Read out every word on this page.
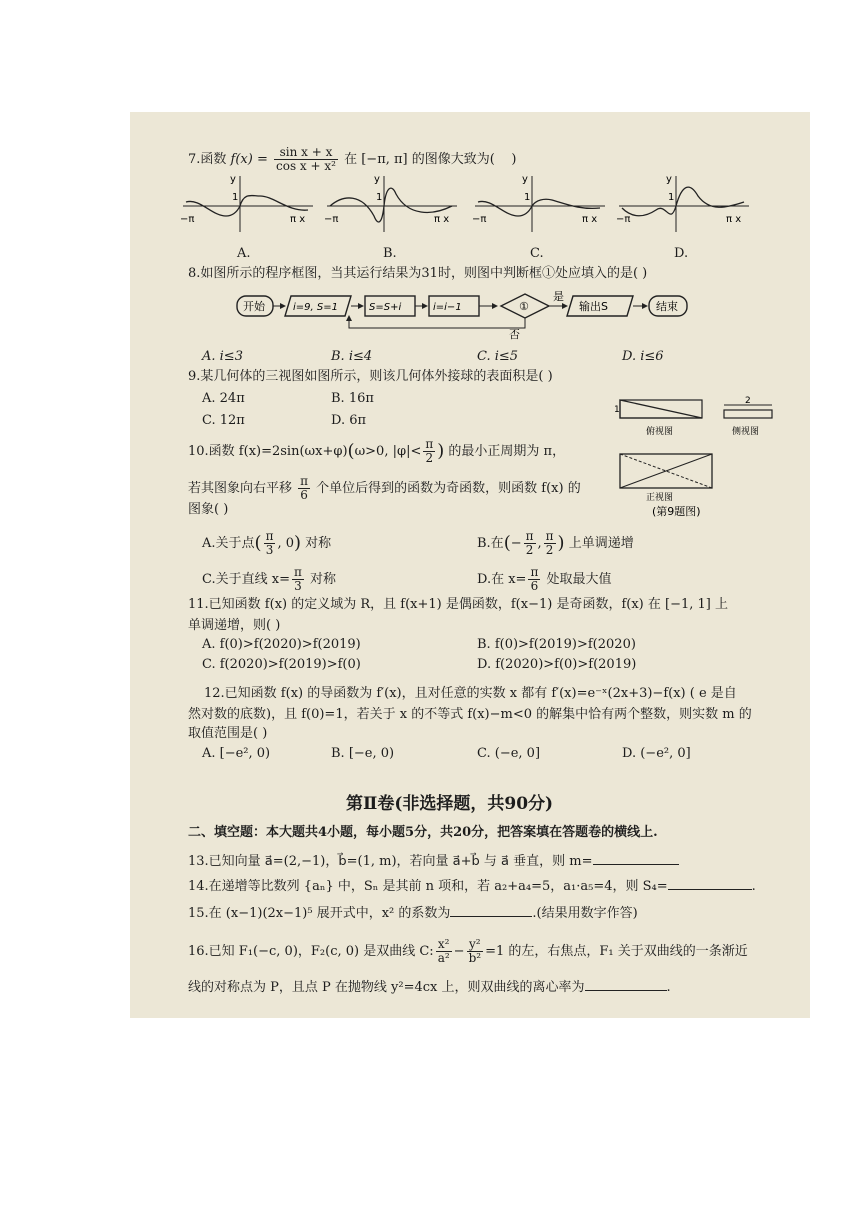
7.函数 $f(x) = \frac{\text{sin x + x}}{\text{cos x + x²}}$ 在 [−π, π] 的图像大致为( )
y
1
−π	π x
A.
y
1
−π	π x
B.
y
1
−π	π x
C.
y
1
−π	π x
D.
8.如图所示的程序框图，当其运行结果为31时，则图中判断框①处应填入的是( )
开始	i=9, S=1	S=S+i	i=i−1	①
是
输出S	结束
否
A. i≤3	B. i≤4	C. i≤5	D. i≤6
9.某几何体的三视图如图所示，则该几何体外接球的表面积是( )
A. 24π	B. 16π
C. 12π	D. 6π
1
俯视图
2
侧视图
正视图
(第9题图)
10.函数 f(x)=2sin(ωx+φ)(ω>0, $|\varphi|< \frac{\pi}{2}$ ) 的最小正周期为 π，
若其图象向右平移 $\frac{\pi}{6}$ 个单位后得到的函数为奇函数，则函数 f(x) 的
图象( )
A.关于点( $\frac{\pi}{3}$ , 0) 对称	B.在(− $\frac{\pi}{2}$ , $\frac{\pi}{2}$ ) 上单调递增
C.关于直线 $x= \frac{\pi}{3}$ 对称	D.在 $x= \frac{\pi}{6}$ 处取最大值
11.已知函数 f(x) 的定义域为 R，且 f(x+1) 是偶函数，f(x−1) 是奇函数，f(x) 在 [−1, 1] 上
单调递增，则( )
A. f(0)>f(2020)>f(2019)	B. f(0)>f(2019)>f(2020)
C. f(2020)>f(2019)>f(0)	D. f(2020)>f(0)>f(2019)
12.已知函数 f(x) 的导函数为 f′(x)，且对任意的实数 x 都有 f′(x)=e⁻ˣ(2x+3)−f(x) ( e 是自
然对数的底数)，且 f(0)=1，若关于 x 的不等式 f(x)−m<0 的解集中恰有两个整数，则实数 m 的
取值范围是( )
A. [−e², 0)	B. [−e, 0)	C. (−e, 0]	D. (−e², 0]
第Ⅱ卷(非选择题，共90分)
二、填空题：本大题共4小题，每小题5分，共20分，把答案填在答题卷的横线上.
13.已知向量 a⃗=(2,−1)，b⃗=(1, m)，若向量 a⃗+b⃗ 与 a⃗ 垂直，则 m=
14.在递增等比数列 {aₙ} 中，Sₙ 是其前 n 项和，若 a₂+a₄=5，a₁·a₅=4，则 S₄=	.
15.在 (x−1)(2x−1)⁵ 展开式中，x² 的系数为	.(结果用数字作答)
16.已知 F₁(−c, 0)，F₂(c, 0) 是双曲线 C: $\frac{\text{x²}}{\text{a²}} - \frac{\text{y²}}{\text{b²}} =1$ 的左，右焦点，F₁ 关于双曲线的一条渐近
线的对称点为 P，且点 P 在抛物线 y²=4cx 上，则双曲线的离心率为	.
